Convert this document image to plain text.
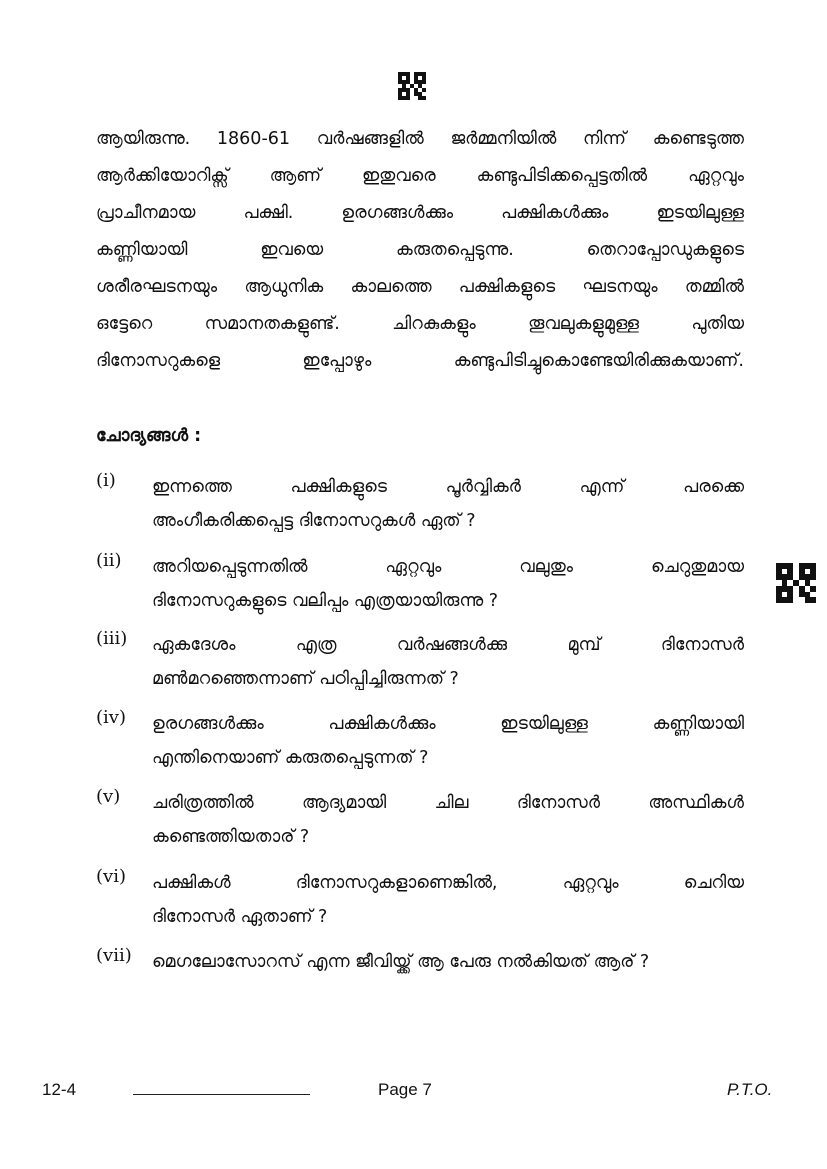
ആയിരുന്നു. 1860-61 വർഷങ്ങളിൽ ജർമ്മനിയിൽ നിന്ന് കണ്ടെടുത്ത
ആർക്കിയോറിക്സ് ആണ് ഇതുവരെ കണ്ടുപിടിക്കപ്പെട്ടതിൽ ഏറ്റവും
പ്രാചീനമായ പക്ഷി. ഉരഗങ്ങൾക്കും പക്ഷികൾക്കും ഇടയിലുള്ള
കണ്ണിയായി ഇവയെ കരുതപ്പെടുന്നു. തെറാപ്പോഡുകളുടെ
ശരീരഘടനയും ആധുനിക കാലത്തെ പക്ഷികളുടെ ഘടനയും തമ്മിൽ
ഒട്ടേറെ സമാനതകളുണ്ട്. ചിറകുകളും തൂവലുകളുമുള്ള പുതിയ
ദിനോസറുകളെ ഇപ്പോഴും കണ്ടുപിടിച്ചുകൊണ്ടേയിരിക്കുകയാണ്.
ചോദ്യങ്ങൾ :
(i)	ഇന്നത്തെ പക്ഷികളുടെ പൂർവ്വികർ എന്ന് പരക്കെ
അംഗീകരിക്കപ്പെട്ട ദിനോസറുകൾ ഏത് ?
(ii)	അറിയപ്പെടുന്നതിൽ ഏറ്റവും വലുതും ചെറുതുമായ
ദിനോസറുകളുടെ വലിപ്പം എത്രയായിരുന്നു ?
(iii)	ഏകദേശം എത്ര വർഷങ്ങൾക്കു മുമ്പ് ദിനോസർ
മൺമറഞ്ഞെന്നാണ് പഠിപ്പിച്ചിരുന്നത് ?
(iv)	ഉരഗങ്ങൾക്കും പക്ഷികൾക്കും ഇടയിലുള്ള കണ്ണിയായി
എന്തിനെയാണ് കരുതപ്പെടുന്നത് ?
(v)	ചരിത്രത്തിൽ ആദ്യമായി ചില ദിനോസർ അസ്ഥികൾ
കണ്ടെത്തിയതാര് ?
(vi)	പക്ഷികൾ ദിനോസറുകളാണെങ്കിൽ, ഏറ്റവും ചെറിയ
ദിനോസർ ഏതാണ് ?
(vii)	മെഗലോസോറസ് എന്ന ജീവിയ്ക്ക് ആ പേരു നൽകിയത് ആര് ?
12-4	Page 7	P.T.O.
